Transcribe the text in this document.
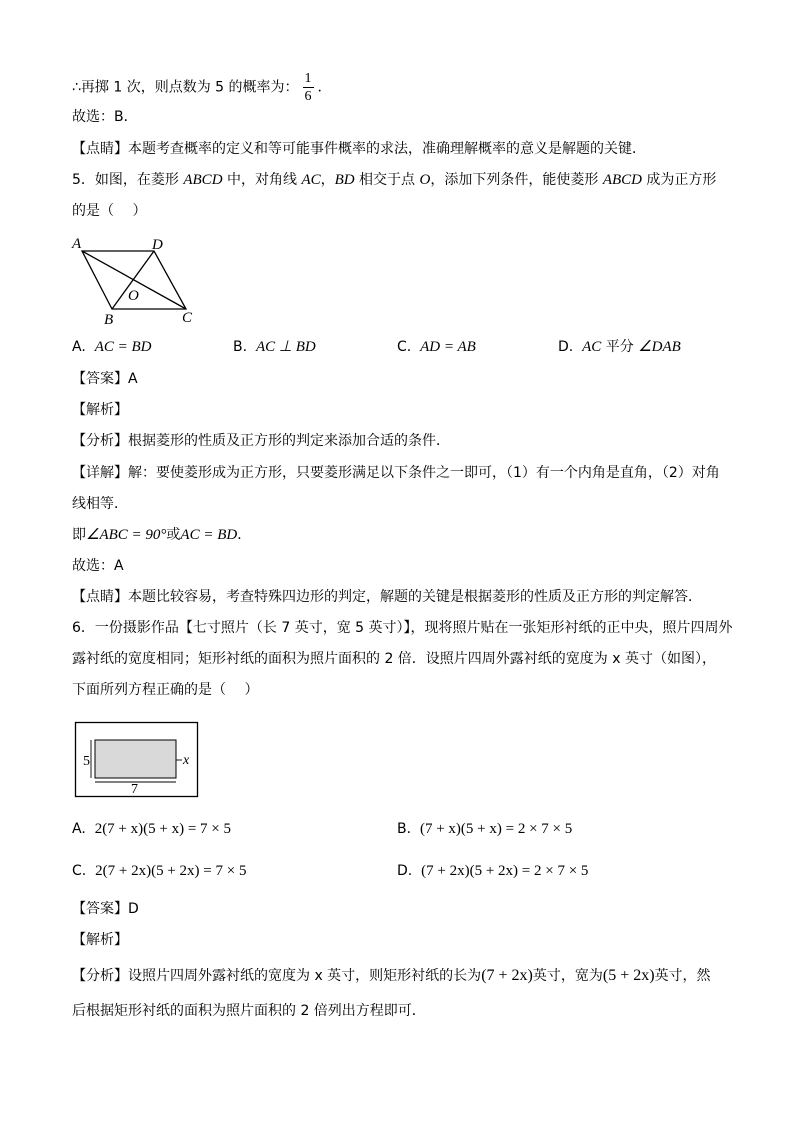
∴再掷 1 次，则点数为 5 的概率为： $\frac{1}{6}$ ．
故选：B．
【点睛】本题考查概率的定义和等可能事件概率的求法，准确理解概率的意义是解题的关键．
5．如图，在菱形 ABCD 中，对角线 AC，BD 相交于点 O，添加下列条件，能使菱形 ABCD 成为正方形
的是（　 ）
A	D
B	C
O
A. AC = BD	B. AC ⊥ BD	C. AD = AB	D. AC 平分 ∠DAB
【答案】A
【解析】
【分析】根据菱形的性质及正方形的判定来添加合适的条件．
【详解】解：要使菱形成为正方形，只要菱形满足以下条件之一即可，（1）有一个内角是直角，（2）对角
线相等．
即∠ABC = 90°或AC = BD．
故选：A
【点睛】本题比较容易，考查特殊四边形的判定，解题的关键是根据菱形的性质及正方形的判定解答．
6．一份摄影作品【七寸照片（长 7 英寸，宽 5 英寸）】，现将照片贴在一张矩形衬纸的正中央，照片四周外
露衬纸的宽度相同；矩形衬纸的面积为照片面积的 2 倍．设照片四周外露衬纸的宽度为 x 英寸（如图），
下面所列方程正确的是（　 ）
5
7
x
A. 2(7 + x)(5 + x) = 7 × 5	B. (7 + x)(5 + x) = 2 × 7 × 5
C. 2(7 + 2x)(5 + 2x) = 7 × 5	D. (7 + 2x)(5 + 2x) = 2 × 7 × 5
【答案】D
【解析】
【分析】设照片四周外露衬纸的宽度为 x 英寸，则矩形衬纸的长为(7 + 2x)英寸，宽为(5 + 2x)英寸，然
后根据矩形衬纸的面积为照片面积的 2 倍列出方程即可．
